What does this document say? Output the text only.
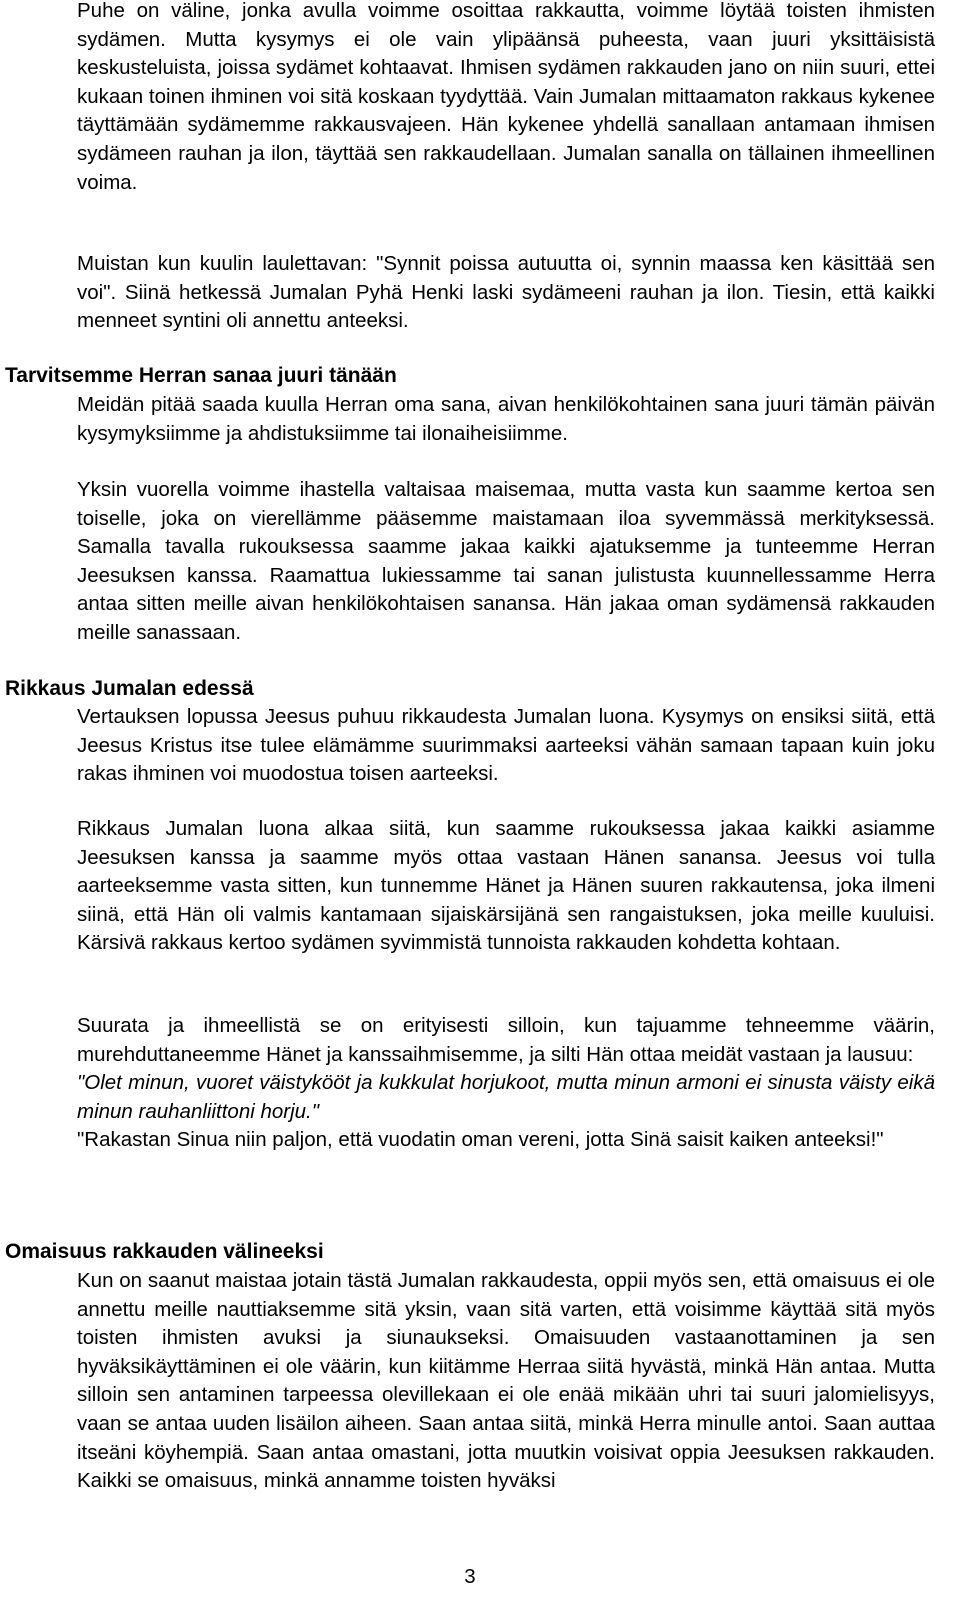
Puhe on väline, jonka avulla voimme osoittaa rakkautta, voimme löytää toisten ihmisten sydämen. Mutta kysymys ei ole vain ylipäänsä puheesta, vaan juuri yksittäisistä keskusteluista, joissa sydämet kohtaavat. Ihmisen sydämen rakkauden jano on niin suuri, ettei kukaan toinen ihminen voi sitä koskaan tyydyttää. Vain Jumalan mittaamaton rakkaus kykenee täyttämään sydämemme rakkausvajeen. Hän kykenee yhdellä sanallaan antamaan ihmisen sydämeen rauhan ja ilon, täyttää sen rakkaudellaan. Jumalan sanalla on tällainen ihmeellinen voima.

Muistan kun kuulin laulettavan: "Synnit poissa autuutta oi, synnin maassa ken käsittää sen voi". Siinä hetkessä Jumalan Pyhä Henki laski sydämeeni rauhan ja ilon. Tiesin, että kaikki menneet syntini oli annettu anteeksi.

Tarvitsemme Herran sanaa juuri tänään

Meidän pitää saada kuulla Herran oma sana, aivan henkilökohtainen sana juuri tämän päivän kysymyksiimme ja ahdistuksiimme tai ilonaiheisiimme.

Yksin vuorella voimme ihastella valtaisaa maisemaa, mutta vasta kun saamme kertoa sen toiselle, joka on vierellämme pääsemme maistamaan iloa syvemmässä merkityksessä. Samalla tavalla rukouksessa saamme jakaa kaikki ajatuksemme ja tunteemme Herran Jeesuksen kanssa. Raamattua lukiessamme tai sanan julistusta kuunnellessamme Herra antaa sitten meille aivan henkilökohtaisen sanansa. Hän jakaa oman sydämensä rakkauden meille sanassaan.

Rikkaus Jumalan edessä

Vertauksen lopussa Jeesus puhuu rikkaudesta Jumalan luona. Kysymys on ensiksi siitä, että Jeesus Kristus itse tulee elämämme suurimmaksi aarteeksi vähän samaan tapaan kuin joku rakas ihminen voi muodostua toisen aarteeksi.

Rikkaus Jumalan luona alkaa siitä, kun saamme rukouksessa jakaa kaikki asiamme Jeesuksen kanssa ja saamme myös ottaa vastaan Hänen sanansa. Jeesus voi tulla aarteeksemme vasta sitten, kun tunnemme Hänet ja Hänen suuren rakkautensa, joka ilmeni siinä, että Hän oli valmis kantamaan sijaiskärsijänä sen rangaistuksen, joka meille kuuluisi. Kärsivä rakkaus kertoo sydämen syvimmistä tunnoista rakkauden kohdetta kohtaan.

Suurata ja ihmeellistä se on erityisesti silloin, kun tajuamme tehneemme väärin, murehduttaneemme Hänet ja kanssaihmisemme, ja silti Hän ottaa meidät vastaan ja lausuu:
"Olet minun, vuoret väistykööt ja kukkulat horjukoot, mutta minun armoni ei sinusta väisty eikä minun rauhanliittoni horju."
"Rakastan Sinua niin paljon, että vuodatin oman vereni, jotta Sinä saisit kaiken anteeksi!"
Omaisuus rakkauden välineeksi

Kun on saanut maistaa jotain tästä Jumalan rakkaudesta, oppii myös sen, että omaisuus ei ole annettu meille nauttiaksemme sitä yksin, vaan sitä varten, että voisimme käyttää sitä myös toisten ihmisten avuksi ja siunaukseksi. Omaisuuden vastaanottaminen ja sen hyväksikäyttäminen ei ole väärin, kun kiitämme Herraa siitä hyvästä, minkä Hän antaa. Mutta silloin sen antaminen tarpeessa olevillekaan ei ole enää mikään uhri tai suuri jalomielisyys, vaan se antaa uuden lisäilon aiheen. Saan antaa siitä, minkä Herra minulle antoi. Saan auttaa itseäni köyhempiä. Saan antaa omastani, jotta muutkin voisivat oppia Jeesuksen rakkauden. Kaikki se omaisuus, minkä annamme toisten hyväksi

3
